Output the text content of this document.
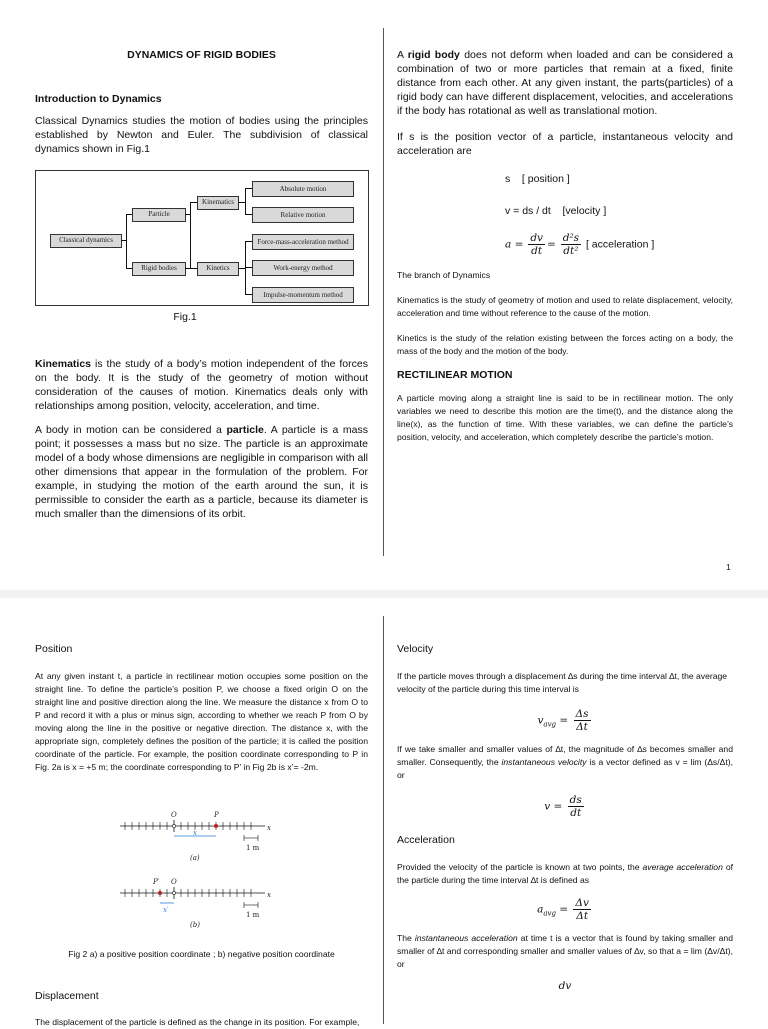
DYNAMICS OF RIGID BODIES
Introduction to Dynamics

Classical Dynamics studies the motion of bodies using the principles established by Newton and Euler. The subdivision of classical dynamics shown in Fig.1

Classical dynamics
Particle
Rigid bodies
Kinematics
Kinetics
Absolute motion
Relative motion
Force-mass-acceleration method
Work-energy method
Impulse-momentum method
Fig.1

Kinematics is the study of a body’s motion independent of the forces on the body. It is the study of the geometry of motion without consideration of the causes of motion. Kinematics deals only with relationships among position, velocity, acceleration, and time.

A body in motion can be considered a particle. A particle is a mass point; it possesses a mass but no size. The particle is an approximate model of a body whose dimensions are negligible in comparison with all other dimensions that appear in the formulation of the problem. For example, in studying the motion of the earth around the sun, it is permissible to consider the earth as a particle, because its diameter is much smaller than the dimensions of its orbit.

A rigid body does not deform when loaded and can be considered a combination of two or more particles that remain at a fixed, finite distance from each other. At any given instant, the parts(particles) of a rigid body can have different displacement, velocities, and accelerations if the body has rotational as well as translational motion.

If s is the position vector of a particle, instantaneous velocity and acceleration are

s    [ position ]
v = ds / dt    [velocity ]
$a = \frac{dv}{dt} = \frac{\text{d²s}}{\text{dt²}}$ [ acceleration ]
The branch of Dynamics

Kinematics is the study of geometry of motion and used to relate displacement, velocity, acceleration and time without reference to the cause of the motion.

Kinetics is the study of the relation existing between the forces acting on a body, the mass of the body and the motion of the body.

RECTILINEAR MOTION

A particle moving along a straight line is said to be in rectilinear motion. The only variables we need to describe this motion are the time(t), and the distance along the line(x), as the function of time. With these variables, we can define the particle’s position, velocity, and acceleration, which completely describe the particle’s motion.

1
Position

At any given instant t, a particle in rectilinear motion occupies some position on the straight line. To define the particle’s position P, we choose a fixed origin O on the straight line and positive direction along the line. We measure the distance x from O to P and record it with a plus or minus sign, according to whether we reach P from O by moving along the line in the positive or negative direction. The distance x, with the appropriate sign, completely defines the position of the particle; it is called the position coordinate of the particle. For example, the position coordinate corresponding to P in Fig. 2a is x = +5 m; the coordinate corresponding to P’ in Fig 2b is x’= -2m.

O	P
x
x
1 m
(a)
O
P′
x
x′
1 m
(b)
Fig 2 a) a positive position coordinate ; b) negative position coordinate
Displacement
The displacement of the particle is defined as the change in its position. For example,
Velocity

If the particle moves through a displacement ∆s during the time interval ∆t, the average velocity of the particle during this time interval is

$v_{avg} = \frac{\Delta s}{\Delta t}$

If we take smaller and smaller values of ∆t, the magnitude of ∆s becomes smaller and smaller. Consequently, the instantaneous velocity is a vector defined as v = lim (Δs/Δt), or

$v = \frac{ds}{dt}$
Acceleration

Provided the velocity of the particle is known at two points, the average acceleration of the particle during the time interval ∆t is defined as

$a_{avg} = \frac{\Delta v}{\Delta t}$

The instantaneous acceleration at time t is a vector that is found by taking smaller and smaller of ∆t and corresponding smaller and smaller values of ∆v, so that a = lim (Δv/Δt), or

dv
